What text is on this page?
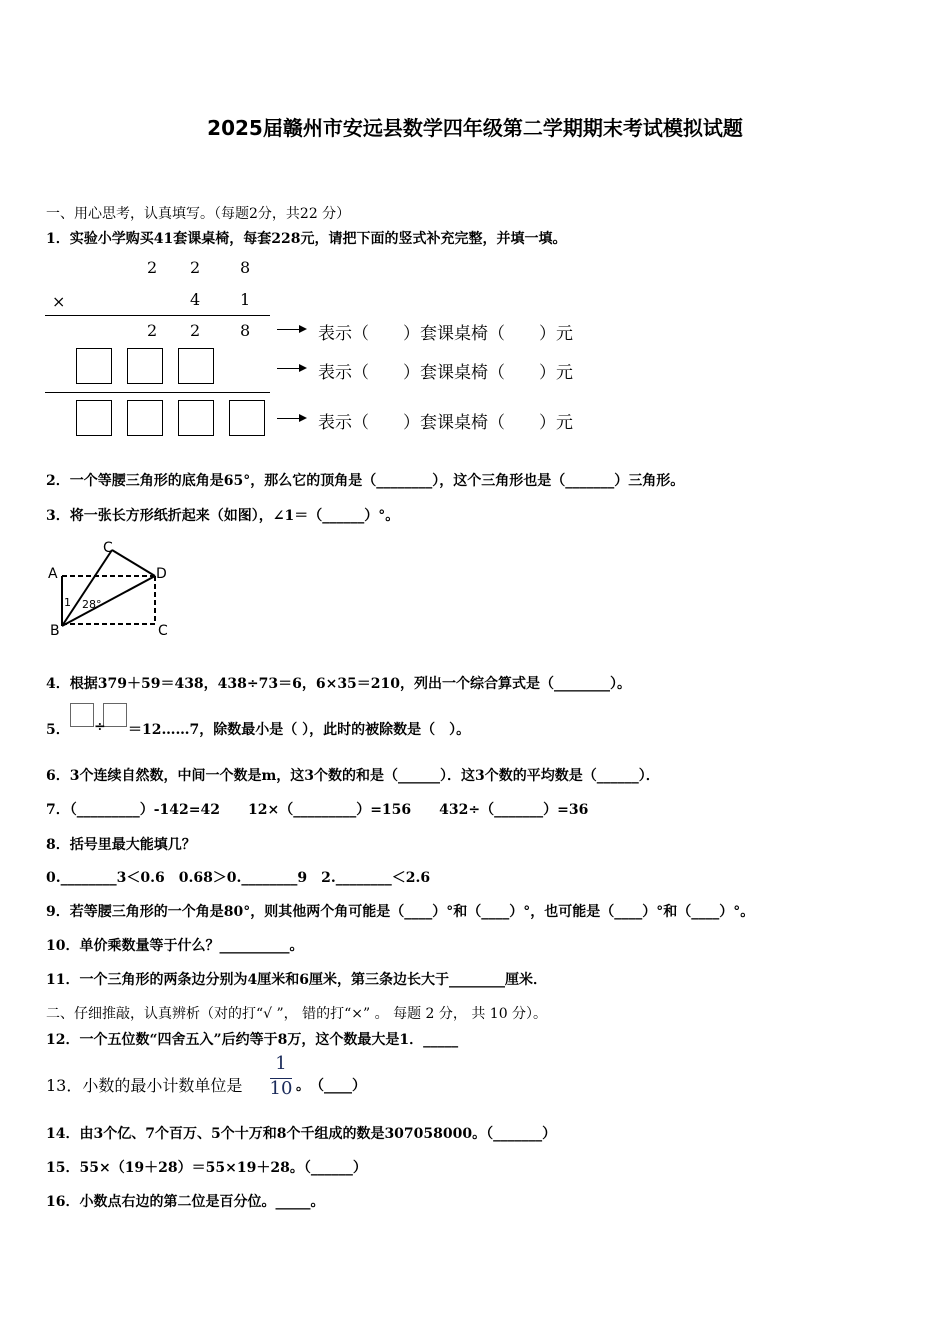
2025届赣州市安远县数学四年级第二学期期末考试模拟试题
一、用心思考，认真填写。（每题2分，共22 分）
1．实验小学购买41套课桌椅，每套228元，请把下面的竖式补充完整，并填一填。
2 2 8
×	4 1
2 2 8	表示（　　）套课桌椅（　　）元
表示（　　）套课桌椅（　　）元
表示（　　）套课桌椅（　　）元
2．一个等腰三角形的底角是65°，那么它的顶角是（________），这个三角形也是（_______）三角形。
3．将一张长方形纸折起来（如图），∠1＝（______）°。
A
B
C
D
C
1 28°
4．根据379＋59＝438，438÷73＝6，6×35＝210，列出一个综合算式是（________）。
5． ÷ ＝12……7，除数最小是（ ），此时的被除数是（　）。
6．3个连续自然数，中间一个数是m，这3个数的和是（______）．这3个数的平均数是（______）．
7．（_________）-142=42　　12×（_________）=156　　432÷（_______）=36
8．括号里最大能填几？
0.________3＜0.6　0.68＞0.________9　2.________＜2.6
9．若等腰三角形的一个角是80°，则其他两个角可能是（____）°和（____）°，也可能是（____）°和（____）°。
10．单价乘数量等于什么？__________。
11．一个三角形的两条边分别为4厘米和6厘米，第三条边长大于________厘米．
二、仔细推敲，认真辨析（对的打“√ ”， 错的打“×” 。 每题 2 分， 共 10 分）。
12．一个五位数“四舍五入”后约等于8万，这个数最大是1．_____
13．小数的最小计数单位是
1
10 。　（____）
14．由3个亿、7个百万、5个十万和8个千组成的数是307058000。（_______）
15．55×（19＋28）＝55×19＋28。（______）
16．小数点右边的第二位是百分位。_____。
